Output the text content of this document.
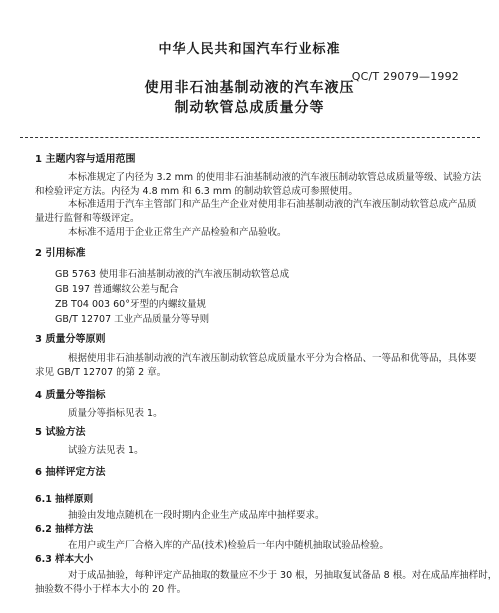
中华人民共和国汽车行业标准
QC/T 29079—1992
使用非石油基制动液的汽车液压
制动软管总成质量分等
1 主题内容与适用范围
本标准规定了内径为 3.2 mm 的使用非石油基制动液的汽车液压制动软管总成质量等级、试验方法
和检验评定方法。内径为 4.8 mm 和 6.3 mm 的制动软管总成可参照使用。
本标准适用于汽车主管部门和产品生产企业对使用非石油基制动液的汽车液压制动软管总成产品质
量进行监督和等级评定。
本标准不适用于企业正常生产产品检验和产品验收。
2 引用标准
GB 5763 使用非石油基制动液的汽车液压制动软管总成
GB 197 普通螺纹公差与配合
ZB T04 003 60°牙型的内螺纹量规
GB/T 12707 工业产品质量分等导则
3 质量分等原则
根据使用非石油基制动液的汽车液压制动软管总成质量水平分为合格品、一等品和优等品，具体要
求见 GB/T 12707 的第 2 章。
4 质量分等指标
质量分等指标见表 1。
5 试验方法
试验方法见表 1。
6 抽样评定方法
6.1 抽样原则
抽验由发地点随机在一段时期内企业生产成品库中抽样要求。
6.2 抽样方法
在用户或生产厂合格入库的产品(技术)检验后一年内中随机抽取试验品检验。
6.3 样本大小
对于成品抽验，每种评定产品抽取的数量应不少于 30 根，另抽取复试备品 8 根。对在成品库抽样时，
抽验数不得小于样本大小的 20 件。
